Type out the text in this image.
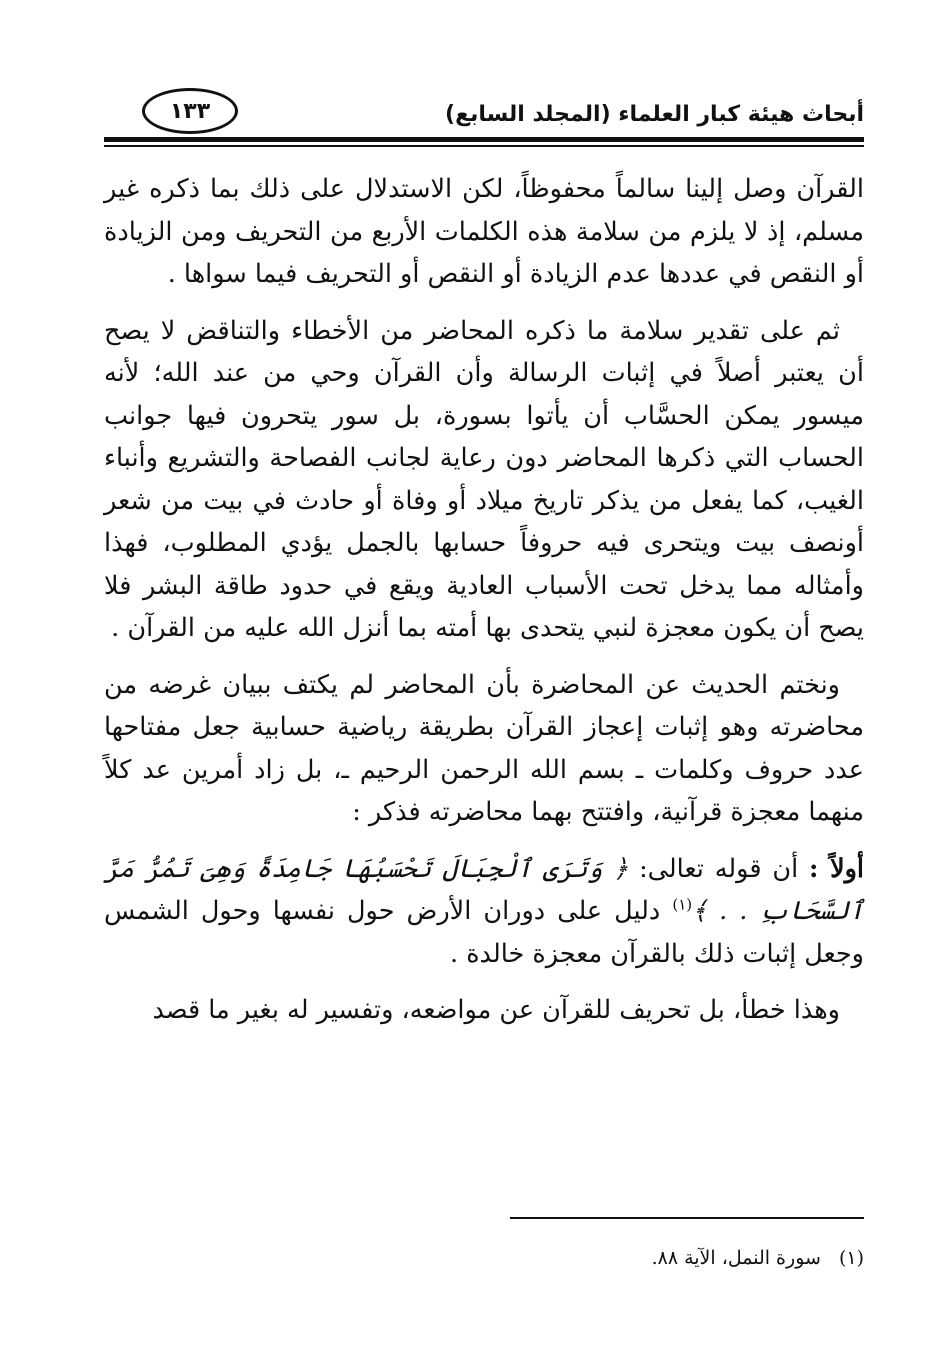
أبحاث هيئة كبار العلماء (المجلد السابع)
١٣٣

القرآن وصل إلينا سالماً محفوظاً، لكن الاستدلال على ذلك بما ذكره غير مسلم، إذ لا يلزم من سلامة هذه الكلمات الأربع من التحريف ومن الزيادة أو النقص في عددها عدم الزيادة أو النقص أو التحريف فيما سواها .

ثم على تقدير سلامة ما ذكره المحاضر من الأخطاء والتناقض لا يصح أن يعتبر أصلاً في إثبات الرسالة وأن القرآن وحي من عند الله؛ لأنه ميسور يمكن الحسَّاب أن يأتوا بسورة، بل سور يتحرون فيها جوانب الحساب التي ذكرها المحاضر دون رعاية لجانب الفصاحة والتشريع وأنباء الغيب، كما يفعل من يذكر تاريخ ميلاد أو وفاة أو حادث في بيت من شعر أونصف بيت ويتحرى فيه حروفاً حسابها بالجمل يؤدي المطلوب، فهذا وأمثاله مما يدخل تحت الأسباب العادية ويقع في حدود طاقة البشر فلا يصح أن يكون معجزة لنبي يتحدى بها أمته بما أنزل الله عليه من القرآن .

ونختم الحديث عن المحاضرة بأن المحاضر لم يكتف ببيان غرضه من محاضرته وهو إثبات إعجاز القرآن بطريقة رياضية حسابية جعل مفتاحها عدد حروف وكلمات ـ بسم الله الرحمن الرحيم ـ، بل زاد أمرين عد كلاً منهما معجزة قرآنية، وافتتح بهما محاضرته فذكر :

أولاً : أن قوله تعالى: ﴿ وَتَرَى ٱلْجِبَالَ تَحْسَبُهَا جَامِدَةً وَهِىَ تَمُرُّ مَرَّ ٱلسَّحَابِ . . ﴾$^{(١)}$ دليل على دوران الأرض حول نفسها وحول الشمس وجعل إثبات ذلك بالقرآن معجزة خالدة .

وهذا خطأ، بل تحريف للقرآن عن مواضعه، وتفسير له بغير ما قصد

(١)سورة النمل، الآية ٨٨.
